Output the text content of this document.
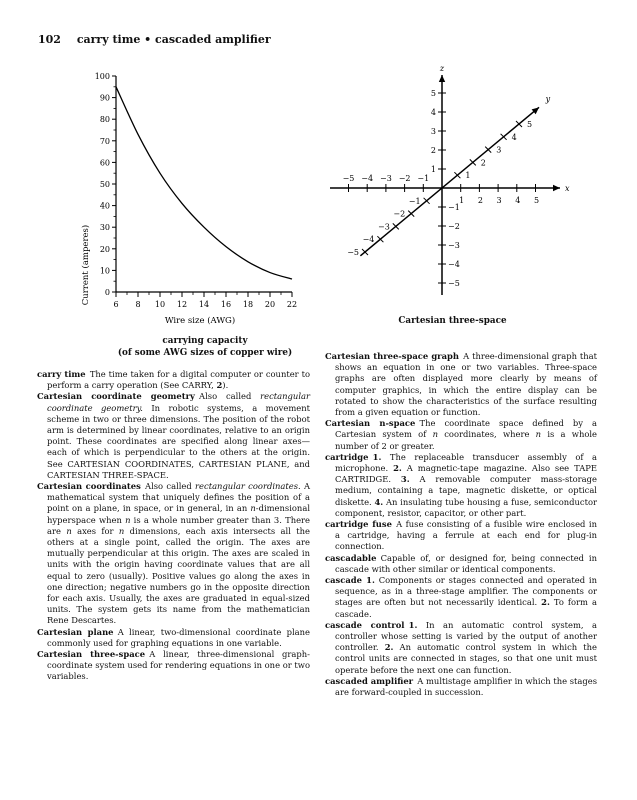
102 carry time • cascaded amplifier
0
10
20
30
40
50
60
70
80
90
100
6 8 10 12 14 16 18 20 22
Wire size (AWG)
Current (amperes)
carrying capacity
(of some AWG sizes of copper wire)
x
y
z
−5 −4 −3 −2 −1
1 2 3 4 5
5
4
3
2
1
−1
−2
−3
−4
−5
5
4
3
2
1
−1
−2
−3
−4
−5
Cartesian three-space

carry time  The time taken for a digital computer or counter to perform a carry operation (See CARRY, 2).

Cartesian coordinate geometry  Also called rectangular coordinate geometry. In robotic systems, a movement scheme in two or three dimensions. The position of the robot arm is determined by linear coordinates, relative to an origin point. These coordinates are specified along linear axes—each of which is perpendicular to the others at the origin. See CARTESIAN COORDINATES, CARTESIAN PLANE, and CARTESIAN THREE-SPACE.

Cartesian coordinates  Also called rectangular coordinates. A mathematical system that uniquely defines the position of a point on a plane, in space, or in general, in an n-dimensional hyperspace when n is a whole number greater than 3. There are n axes for n dimensions, each axis intersects all the others at a single point, called the origin. The axes are mutually perpendicular at this origin. The axes are scaled in units with the origin having coordinate values that are all equal to zero (usually). Positive values go along the axes in one direction; negative numbers go in the opposite direction for each axis. Usually, the axes are graduated in equal-sized units. The system gets its name from the mathematician Rene Descartes.

Cartesian plane  A linear, two-dimensional coordinate plane commonly used for graphing equations in one variable.

Cartesian three-space  A linear, three-dimensional graph-coordinate system used for rendering equations in one or two variables.

Cartesian three-space graph  A three-dimensional graph that shows an equation in one or two variables. Three-space graphs are often displayed more clearly by means of computer graphics, in which the entire display can be rotated to show the characteristics of the surface resulting from a given equation or function.

Cartesian n-space  The coordinate space defined by a Cartesian system of n coordinates, where n is a whole number of 2 or greater.

cartridge  1. The replaceable transducer assembly of a microphone. 2. A magnetic-tape magazine. Also see TAPE CARTRIDGE. 3. A removable computer mass-storage medium, containing a tape, magnetic diskette, or optical diskette. 4. An insulating tube housing a fuse, semiconductor component, resistor, capacitor, or other part.

cartridge fuse  A fuse consisting of a fusible wire enclosed in a cartridge, having a ferrule at each end for plug-in connection.

cascadable  Capable of, or designed for, being connected in cascade with other similar or identical components.

cascade  1. Components or stages connected and operated in sequence, as in a three-stage amplifier. The components or stages are often but not necessarily identical. 2. To form a cascade.

cascade control  1. In an automatic control system, a controller whose setting is varied by the output of another controller. 2. An automatic control system in which the control units are connected in stages, so that one unit must operate before the next one can function.

cascaded amplifier  A multistage amplifier in which the stages are forward-coupled in succession.
